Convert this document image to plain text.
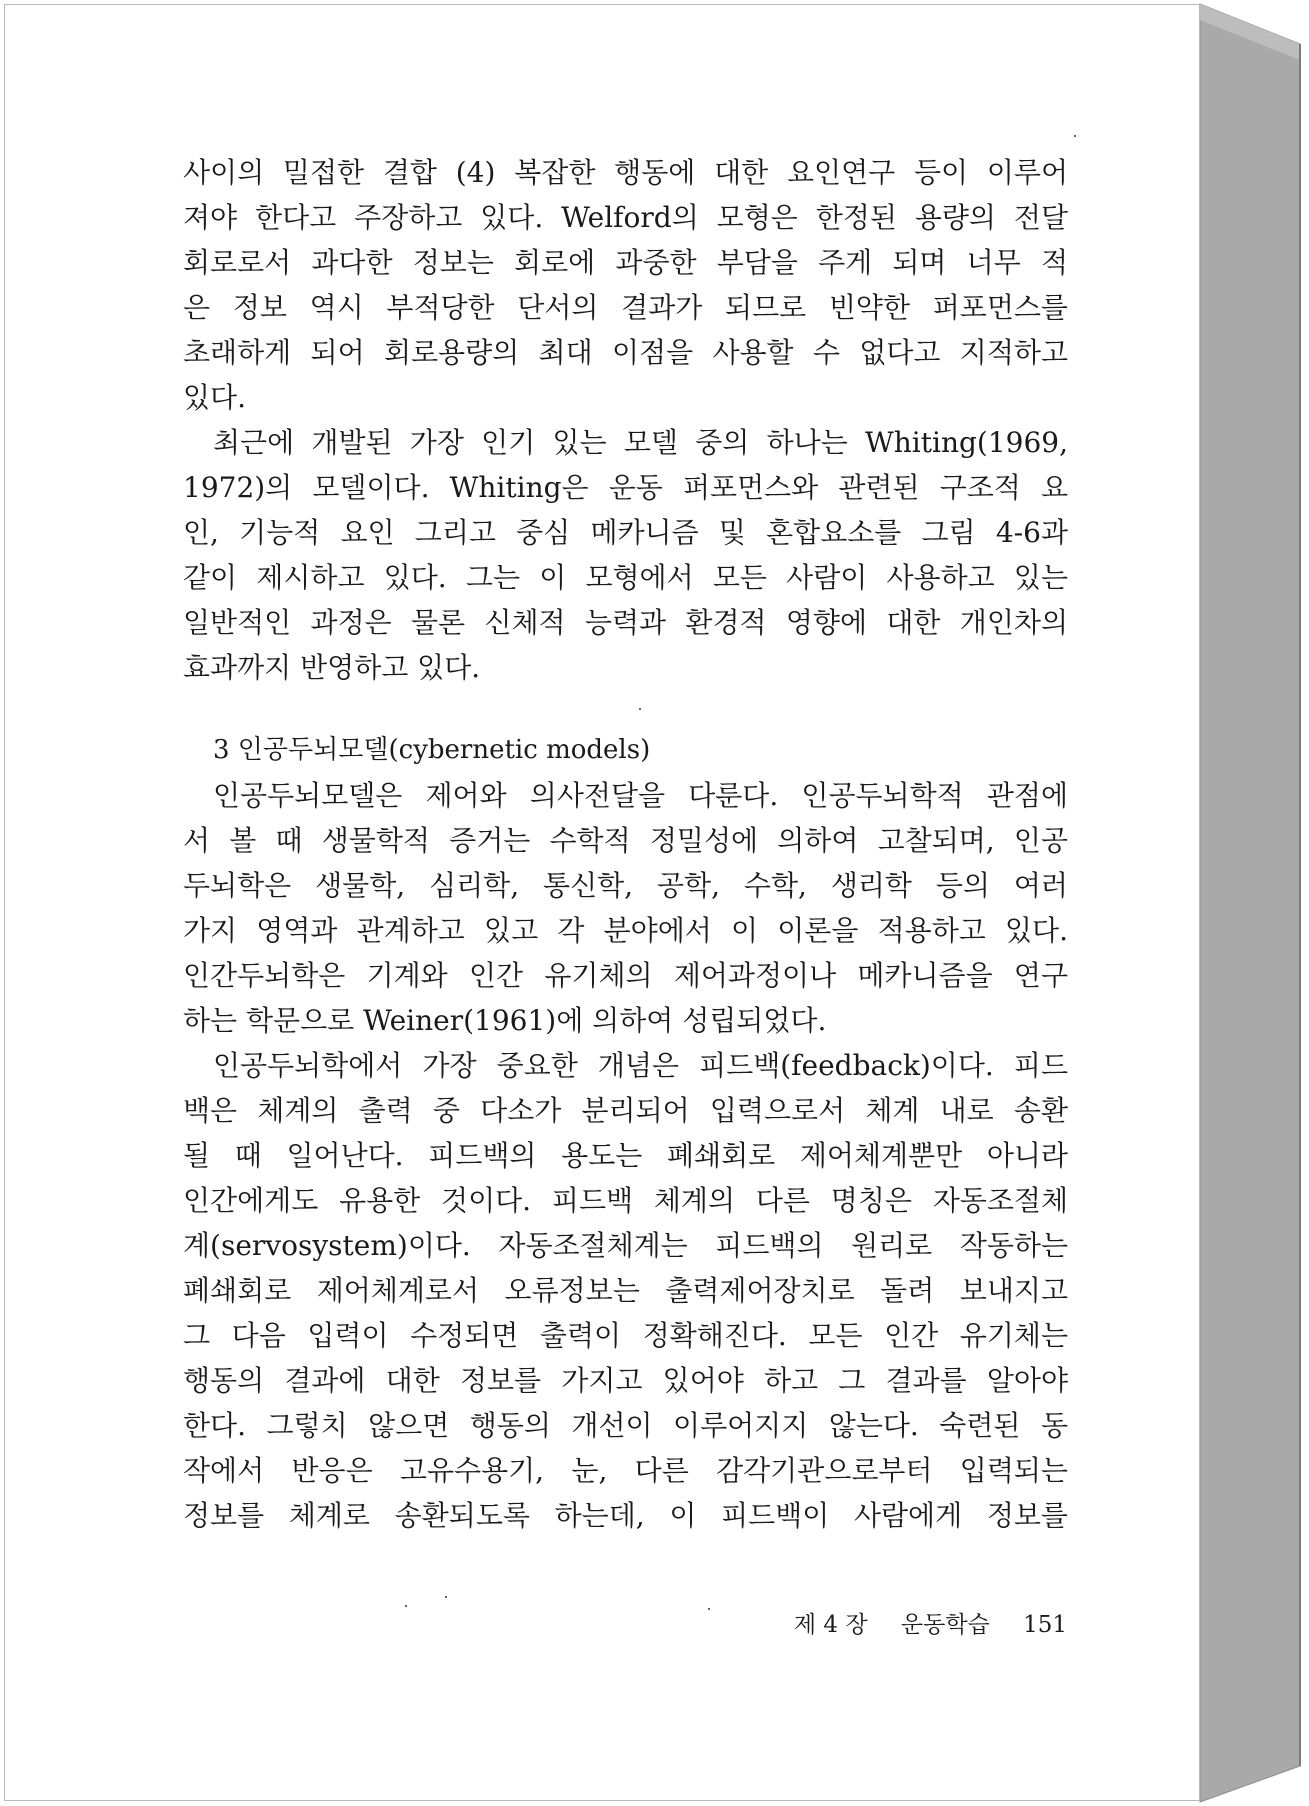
사이의 밀접한 결합 (4) 복잡한 행동에 대한 요인연구 등이 이루어
져야 한다고 주장하고 있다. Welford의 모형은 한정된 용량의 전달
회로로서 과다한 정보는 회로에 과중한 부담을 주게 되며 너무 적
은 정보 역시 부적당한 단서의 결과가 되므로 빈약한 퍼포먼스를
초래하게 되어 회로용량의 최대 이점을 사용할 수 없다고 지적하고
있다.
최근에 개발된 가장 인기 있는 모델 중의 하나는 Whiting(1969,
1972)의 모델이다. Whiting은 운동 퍼포먼스와 관련된 구조적 요
인, 기능적 요인 그리고 중심 메카니즘 및 혼합요소를 그림 4-6과
같이 제시하고 있다. 그는 이 모형에서 모든 사람이 사용하고 있는
일반적인 과정은 물론 신체적 능력과 환경적 영향에 대한 개인차의
효과까지 반영하고 있다.
3 인공두뇌모델(cybernetic models)
인공두뇌모델은 제어와 의사전달을 다룬다. 인공두뇌학적 관점에
서 볼 때 생물학적 증거는 수학적 정밀성에 의하여 고찰되며, 인공
두뇌학은 생물학, 심리학, 통신학, 공학, 수학, 생리학 등의 여러
가지 영역과 관계하고 있고 각 분야에서 이 이론을 적용하고 있다.
인간두뇌학은 기계와 인간 유기체의 제어과정이나 메카니즘을 연구
하는 학문으로 Weiner(1961)에 의하여 성립되었다.
인공두뇌학에서 가장 중요한 개념은 피드백(feedback)이다. 피드
백은 체계의 출력 중 다소가 분리되어 입력으로서 체계 내로 송환
될 때 일어난다. 피드백의 용도는 폐쇄회로 제어체계뿐만 아니라
인간에게도 유용한 것이다. 피드백 체계의 다른 명칭은 자동조절체
계(servosystem)이다. 자동조절체계는 피드백의 원리로 작동하는
폐쇄회로 제어체계로서 오류정보는 출력제어장치로 돌려 보내지고
그 다음 입력이 수정되면 출력이 정확해진다. 모든 인간 유기체는
행동의 결과에 대한 정보를 가지고 있어야 하고 그 결과를 알아야
한다. 그렇치 않으면 행동의 개선이 이루어지지 않는다. 숙련된 동
작에서 반응은 고유수용기, 눈, 다른 감각기관으로부터 입력되는
정보를 체계로 송환되도록 하는데, 이 피드백이 사람에게 정보를
제 4 장 운동학습 151
